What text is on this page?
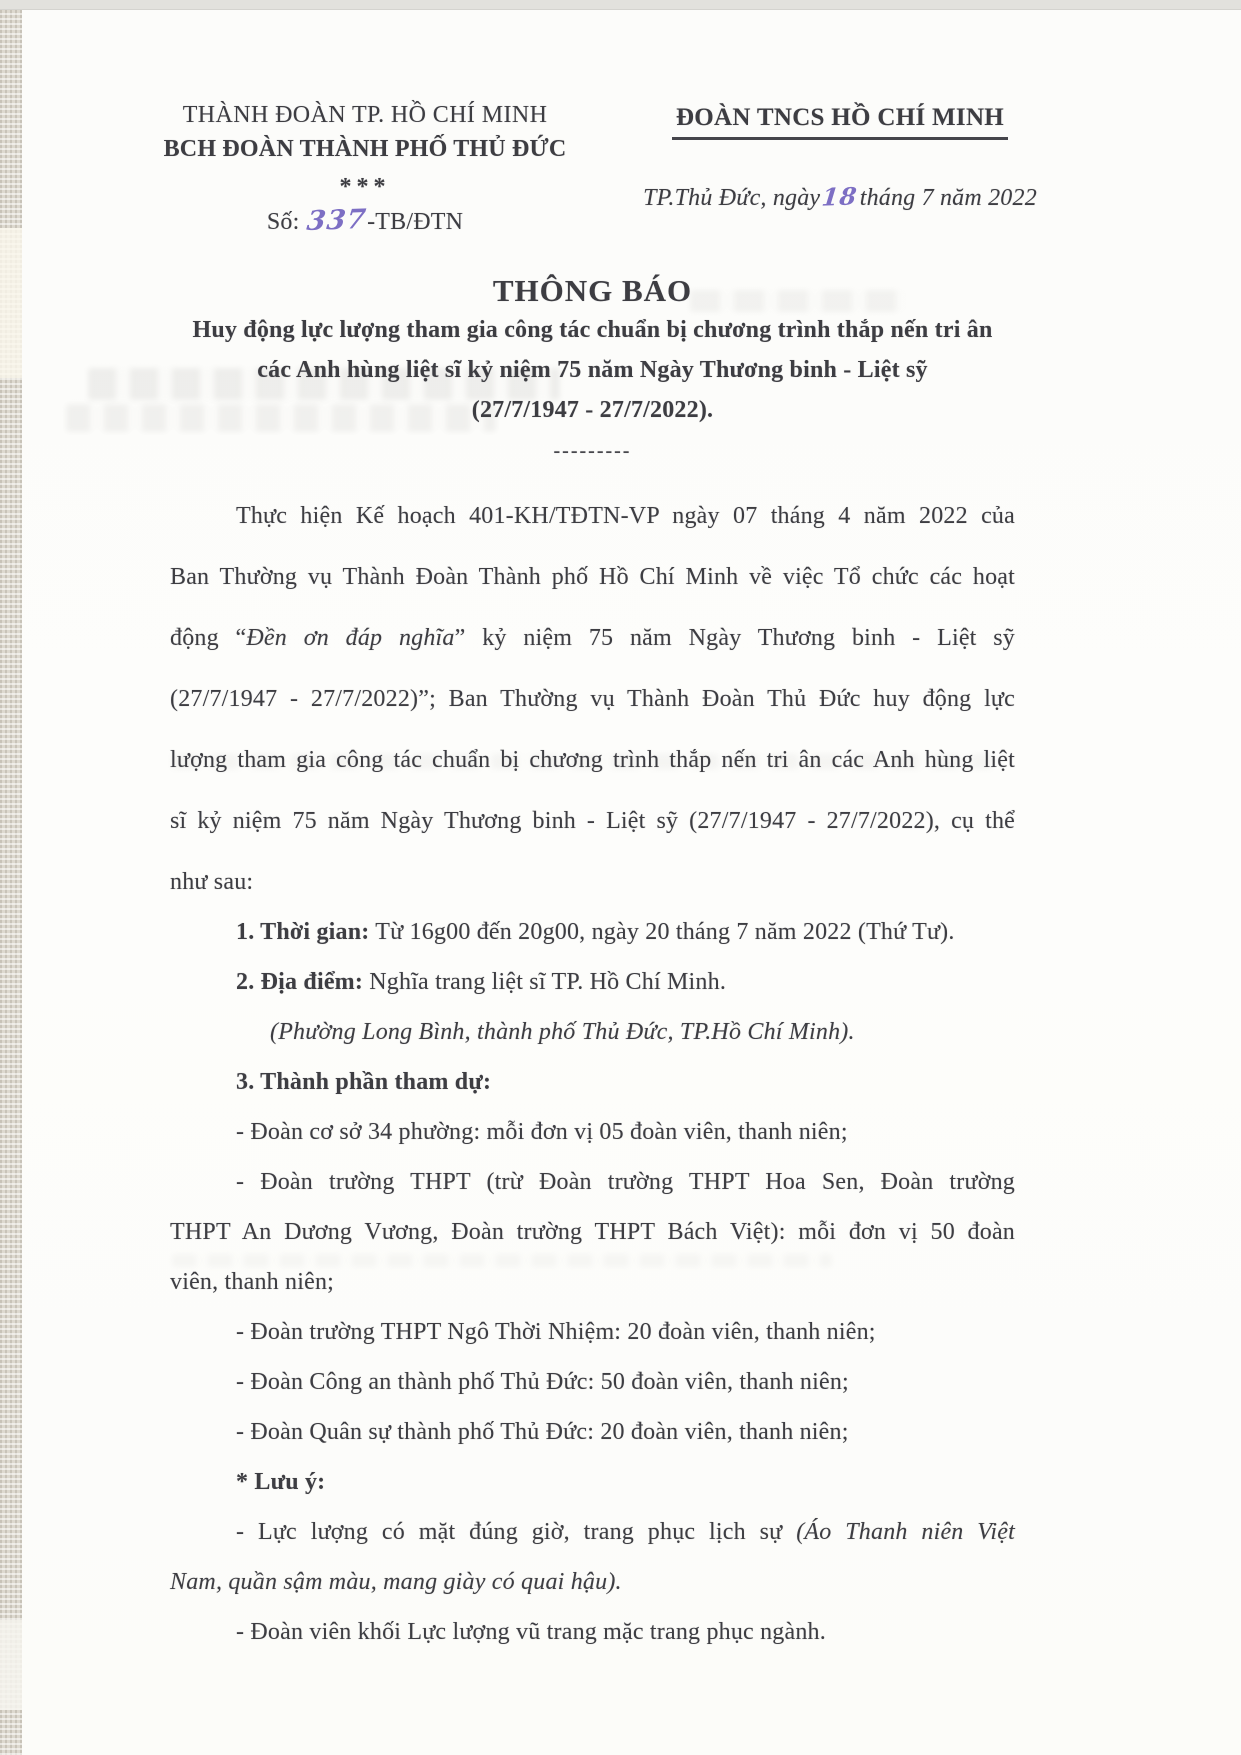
THÀNH ĐOÀN TP. HỒ CHÍ MINH
BCH ĐOÀN THÀNH PHỐ THỦ ĐỨC
***
Số: 337-TB/ĐTN
ĐOÀN TNCS HỒ CHÍ MINH
TP.Thủ Đức, ngày18tháng 7 năm 2022
THÔNG BÁO
Huy động lực lượng tham gia công tác chuẩn bị chương trình thắp nến tri ân
các Anh hùng liệt sĩ kỷ niệm 75 năm Ngày Thương binh - Liệt sỹ
(27/7/1947 - 27/7/2022).
---------
Thực hiện Kế hoạch 401-KH/TĐTN-VP ngày 07 tháng 4 năm 2022 của
Ban Thường vụ Thành Đoàn Thành phố Hồ Chí Minh về việc Tổ chức các hoạt
động “Đền ơn đáp nghĩa” kỷ niệm 75 năm Ngày Thương binh - Liệt sỹ
(27/7/1947 - 27/7/2022)”; Ban Thường vụ Thành Đoàn Thủ Đức huy động lực
lượng tham gia công tác chuẩn bị chương trình thắp nến tri ân các Anh hùng liệt
sĩ kỷ niệm 75 năm Ngày Thương binh - Liệt sỹ (27/7/1947 - 27/7/2022), cụ thể
như sau:
1. Thời gian: Từ 16g00 đến 20g00, ngày 20 tháng 7 năm 2022 (Thứ Tư).
2. Địa điểm: Nghĩa trang liệt sĩ TP. Hồ Chí Minh.
(Phường Long Bình, thành phố Thủ Đức, TP.Hồ Chí Minh).
3. Thành phần tham dự:
- Đoàn cơ sở 34 phường: mỗi đơn vị 05 đoàn viên, thanh niên;
- Đoàn trường THPT (trừ Đoàn trường THPT Hoa Sen, Đoàn trường
THPT An Dương Vương, Đoàn trường THPT Bách Việt): mỗi đơn vị 50 đoàn
viên, thanh niên;
- Đoàn trường THPT Ngô Thời Nhiệm: 20 đoàn viên, thanh niên;
- Đoàn Công an thành phố Thủ Đức: 50 đoàn viên, thanh niên;
- Đoàn Quân sự thành phố Thủ Đức: 20 đoàn viên, thanh niên;
* Lưu ý:
- Lực lượng có mặt đúng giờ, trang phục lịch sự (Áo Thanh niên Việt
Nam, quần sậm màu, mang giày có quai hậu).
- Đoàn viên khối Lực lượng vũ trang mặc trang phục ngành.
